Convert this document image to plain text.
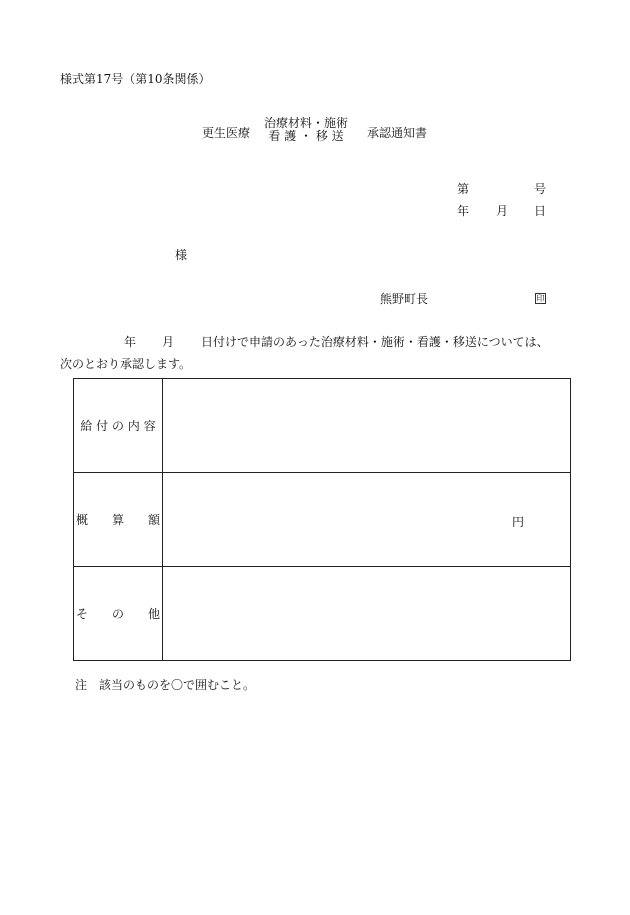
様式第17号（第10条関係）
更生医療
治療材料・施術
看 護 ・ 移 送	承認通知書
第	号
年 月 日
様
熊野町長	印
年 月 日付けで申請のあった治療材料・施術・看護・移送については、
次のとおり承認します。
給 付 の 内 容	
概　　算　　額	円

そ　　の　　他	
注　該当のものを〇で囲むこと。
